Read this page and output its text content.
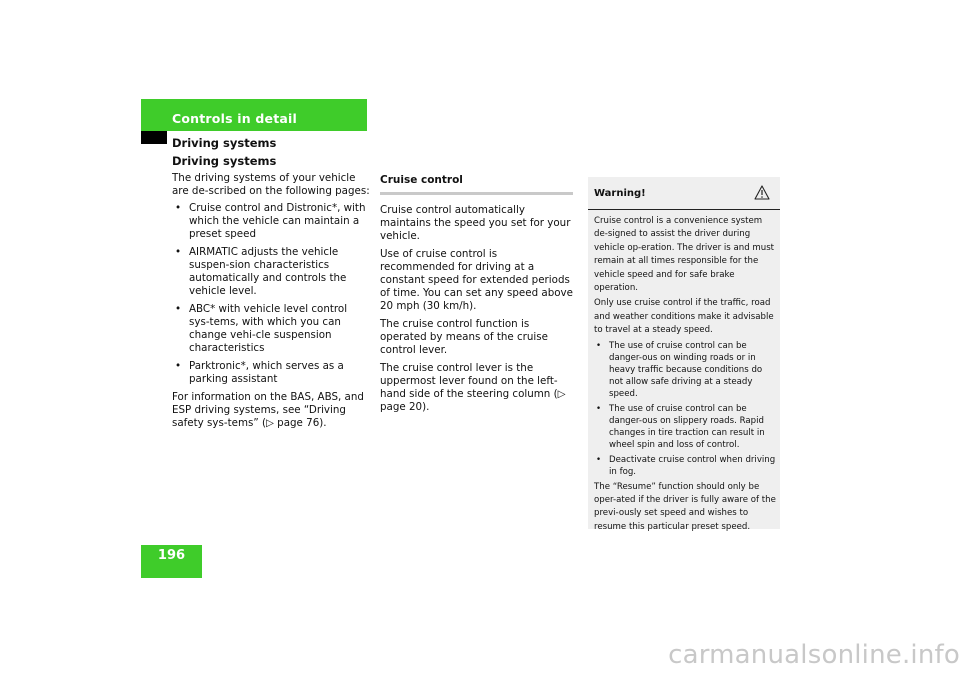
Controls in detail
Driving systems
Driving systems

The driving systems of your vehicle are de-scribed on the following pages:

• Cruise control and Distronic*, with which the vehicle can maintain a preset speed
• AIRMATIC adjusts the vehicle suspen-sion characteristics automatically and controls the vehicle level.
• ABC* with vehicle level control sys-tems, with which you can change vehi-cle suspension characteristics
• Parktronic*, which serves as a parking assistant

For information on the BAS, ABS, and ESP driving systems, see “Driving safety sys-tems” (▷ page 76).

Cruise control

Cruise control automatically maintains the speed you set for your vehicle.

Use of cruise control is recommended for driving at a constant speed for extended periods of time. You can set any speed above 20 mph (30 km/h).

The cruise control function is operated by means of the cruise control lever.

The cruise control lever is the uppermost lever found on the left-hand side of the steering column (▷ page 20).

Warning!

Cruise control is a convenience system de-signed to assist the driver during vehicle op-eration. The driver is and must remain at all times responsible for the vehicle speed and for safe brake operation.

Only use cruise control if the traffic, road and weather conditions make it advisable to travel at a steady speed.

• The use of cruise control can be danger-ous on winding roads or in heavy traffic because conditions do not allow safe driving at a steady speed.
• The use of cruise control can be danger-ous on slippery roads. Rapid changes in tire traction can result in wheel spin and loss of control.
• Deactivate cruise control when driving in fog.

The “Resume” function should only be oper-ated if the driver is fully aware of the previ-ously set speed and wishes to resume this particular preset speed.

196
carmanualsonline.info
